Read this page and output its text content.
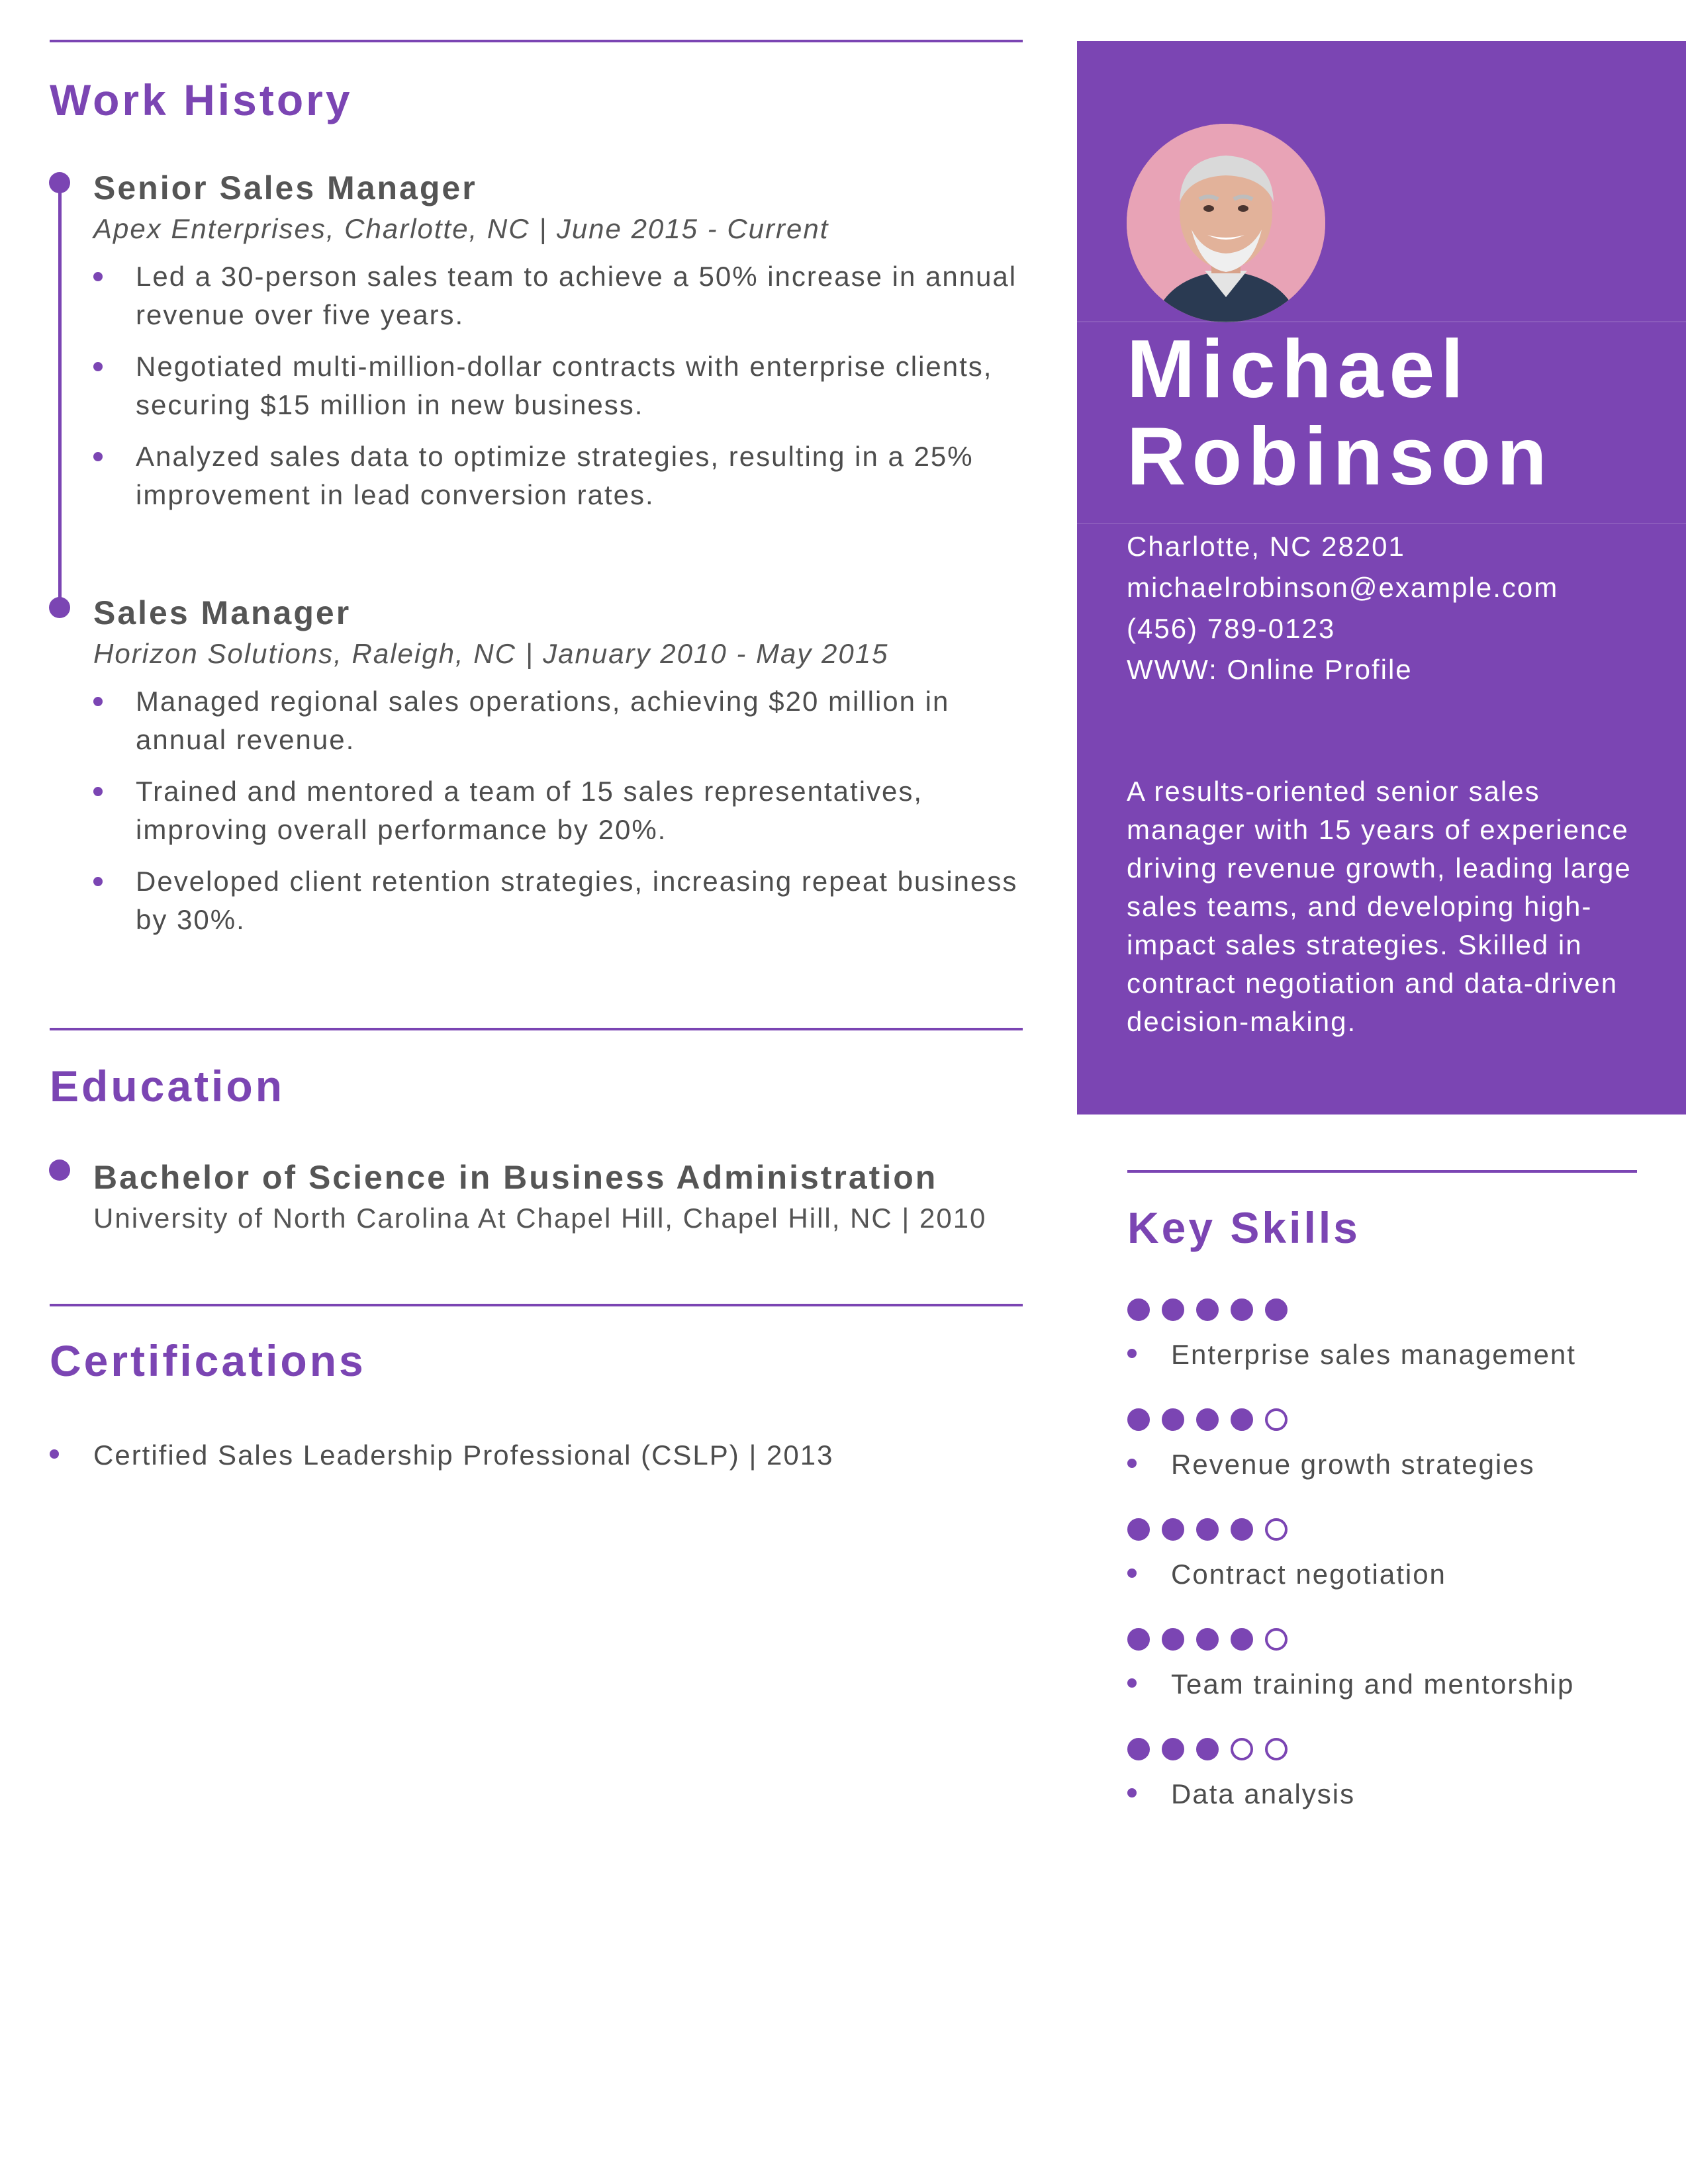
Work History
Senior Sales Manager
Apex Enterprises, Charlotte, NC | June 2015 - Current
Led a 30-person sales team to achieve a 50% increase in annual revenue over five years.
Negotiated multi-million-dollar contracts with enterprise clients, securing $15 million in new business.
Analyzed sales data to optimize strategies, resulting in a 25% improvement in lead conversion rates.
Sales Manager
Horizon Solutions, Raleigh, NC | January 2010 - May 2015
Managed regional sales operations, achieving $20 million in annual revenue.
Trained and mentored a team of 15 sales representatives, improving overall performance by 20%.
Developed client retention strategies, increasing repeat business by 30%.
Education
Bachelor of Science in Business Administration
University of North Carolina At Chapel Hill, Chapel Hill, NC | 2010
Certifications
Certified Sales Leadership Professional (CSLP) | 2013
Michael
Robinson
Charlotte, NC 28201
michaelrobinson@example.com
(456) 789-0123
WWW: Online Profile
A results-oriented senior sales manager with 15 years of experience driving revenue growth, leading large sales teams, and developing high-impact sales strategies. Skilled in contract negotiation and data-driven decision-making.
Key Skills
Enterprise sales management
Revenue growth strategies
Contract negotiation
Team training and mentorship
Data analysis
